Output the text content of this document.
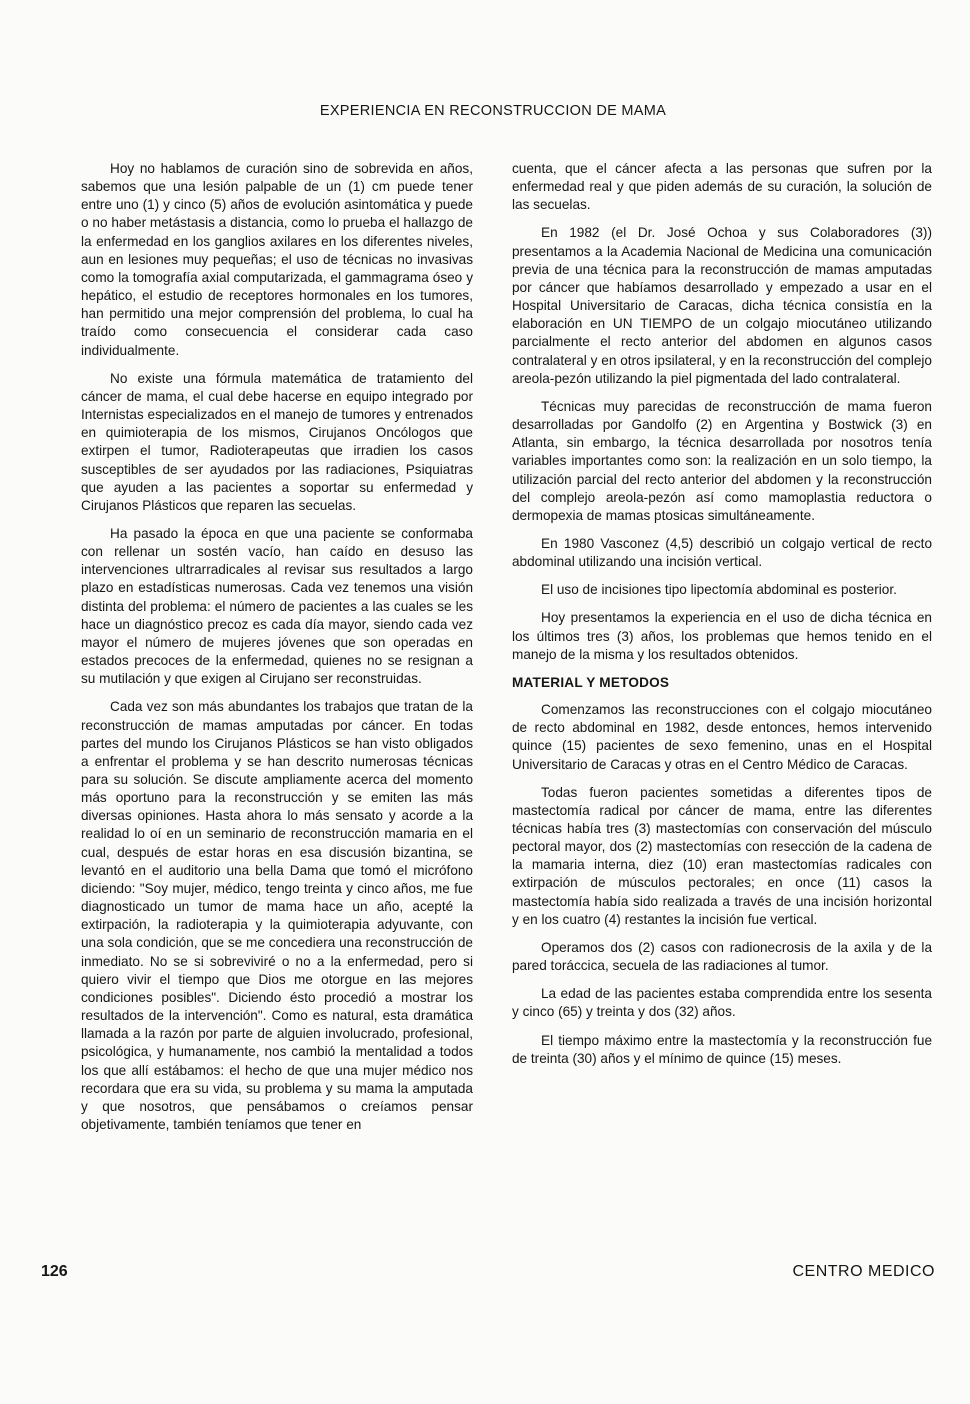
EXPERIENCIA EN RECONSTRUCCION DE MAMA

Hoy no hablamos de curación sino de sobrevida en años, sabemos que una lesión palpable de un (1) cm puede tener entre uno (1) y cinco (5) años de evolución asintomática y puede o no haber metástasis a distancia, como lo prueba el hallazgo de la enfermedad en los ganglios axilares en los diferentes niveles, aun en lesiones muy pequeñas; el uso de técnicas no invasivas como la tomografía axial computarizada, el gammagrama óseo y hepático, el estudio de receptores hormonales en los tumores, han permitido una mejor comprensión del problema, lo cual ha traído como consecuencia el considerar cada caso individualmente.

No existe una fórmula matemática de tratamiento del cáncer de mama, el cual debe hacerse en equipo integrado por Internistas especializados en el manejo de tumores y entrenados en quimioterapia de los mismos, Cirujanos Oncólogos que extirpen el tumor, Radioterapeutas que irradien los casos susceptibles de ser ayudados por las radiaciones, Psiquiatras que ayuden a las pacientes a soportar su enfermedad y Cirujanos Plásticos que reparen las secuelas.

Ha pasado la época en que una paciente se conformaba con rellenar un sostén vacío, han caído en desuso las intervenciones ultrarradicales al revisar sus resultados a largo plazo en estadísticas numerosas. Cada vez tenemos una visión distinta del problema: el número de pacientes a las cuales se les hace un diagnóstico precoz es cada día mayor, siendo cada vez mayor el número de mujeres jóvenes que son operadas en estados precoces de la enfermedad, quienes no se resignan a su mutilación y que exigen al Cirujano ser reconstruidas.

Cada vez son más abundantes los trabajos que tratan de la reconstrucción de mamas amputadas por cáncer. En todas partes del mundo los Cirujanos Plásticos se han visto obligados a enfrentar el problema y se han descrito numerosas técnicas para su solución. Se discute ampliamente acerca del momento más oportuno para la reconstrucción y se emiten las más diversas opiniones. Hasta ahora lo más sensato y acorde a la realidad lo oí en un seminario de reconstrucción mamaria en el cual, después de estar horas en esa discusión bizantina, se levantó en el auditorio una bella Dama que tomó el micrófono diciendo: "Soy mujer, médico, tengo treinta y cinco años, me fue diagnosticado un tumor de mama hace un año, acepté la extirpación, la radioterapia y la quimioterapia adyuvante, con una sola condición, que se me concediera una reconstrucción de inmediato. No se si sobreviviré o no a la enfermedad, pero si quiero vivir el tiempo que Dios me otorgue en las mejores condiciones posibles". Diciendo ésto procedió a mostrar los resultados de la intervención". Como es natural, esta dramática llamada a la razón por parte de alguien involucrado, profesional, psicológica, y humanamente, nos cambió la mentalidad a todos los que allí estábamos: el hecho de que una mujer médico nos recordara que era su vida, su problema y su mama la amputada y que nosotros, que pensábamos o creíamos pensar objetivamente, también teníamos que tener en

cuenta, que el cáncer afecta a las personas que sufren por la enfermedad real y que piden además de su curación, la solución de las secuelas.

En 1982 (el Dr. José Ochoa y sus Colaboradores (3)) presentamos a la Academia Nacional de Medicina una comunicación previa de una técnica para la reconstrucción de mamas amputadas por cáncer que habíamos desarrollado y empezado a usar en el Hospital Universitario de Caracas, dicha técnica consistía en la elaboración en UN TIEMPO de un colgajo miocutáneo utilizando parcialmente el recto anterior del abdomen en algunos casos contralateral y en otros ipsilateral, y en la reconstrucción del complejo areola-pezón utilizando la piel pigmentada del lado contralateral.

Técnicas muy parecidas de reconstrucción de mama fueron desarrolladas por Gandolfo (2) en Argentina y Bostwick (3) en Atlanta, sin embargo, la técnica desarrollada por nosotros tenía variables importantes como son: la realización en un solo tiempo, la utilización parcial del recto anterior del abdomen y la reconstrucción del complejo areola-pezón así como mamoplastia reductora o dermopexia de mamas ptosicas simultáneamente.

En 1980 Vasconez (4,5) describió un colgajo vertical de recto abdominal utilizando una incisión vertical.

El uso de incisiones tipo lipectomía abdominal es posterior.

Hoy presentamos la experiencia en el uso de dicha técnica en los últimos tres (3) años, los problemas que hemos tenido en el manejo de la misma y los resultados obtenidos.

MATERIAL Y METODOS

Comenzamos las reconstrucciones con el colgajo miocutáneo de recto abdominal en 1982, desde entonces, hemos intervenido quince (15) pacientes de sexo femenino, unas en el Hospital Universitario de Caracas y otras en el Centro Médico de Caracas.

Todas fueron pacientes sometidas a diferentes tipos de mastectomía radical por cáncer de mama, entre las diferentes técnicas había tres (3) mastectomías con conservación del músculo pectoral mayor, dos (2) mastectomías con resección de la cadena de la mamaria interna, diez (10) eran mastectomías radicales con extirpación de músculos pectorales; en once (11) casos la mastectomía había sido realizada a través de una incisión horizontal y en los cuatro (4) restantes la incisión fue vertical.

Operamos dos (2) casos con radionecrosis de la axila y de la pared toráccica, secuela de las radiaciones al tumor.

La edad de las pacientes estaba comprendida entre los sesenta y cinco (65) y treinta y dos (32) años.

El tiempo máximo entre la mastectomía y la reconstrucción fue de treinta (30) años y el mínimo de quince (15) meses.

126	CENTRO MEDICO
